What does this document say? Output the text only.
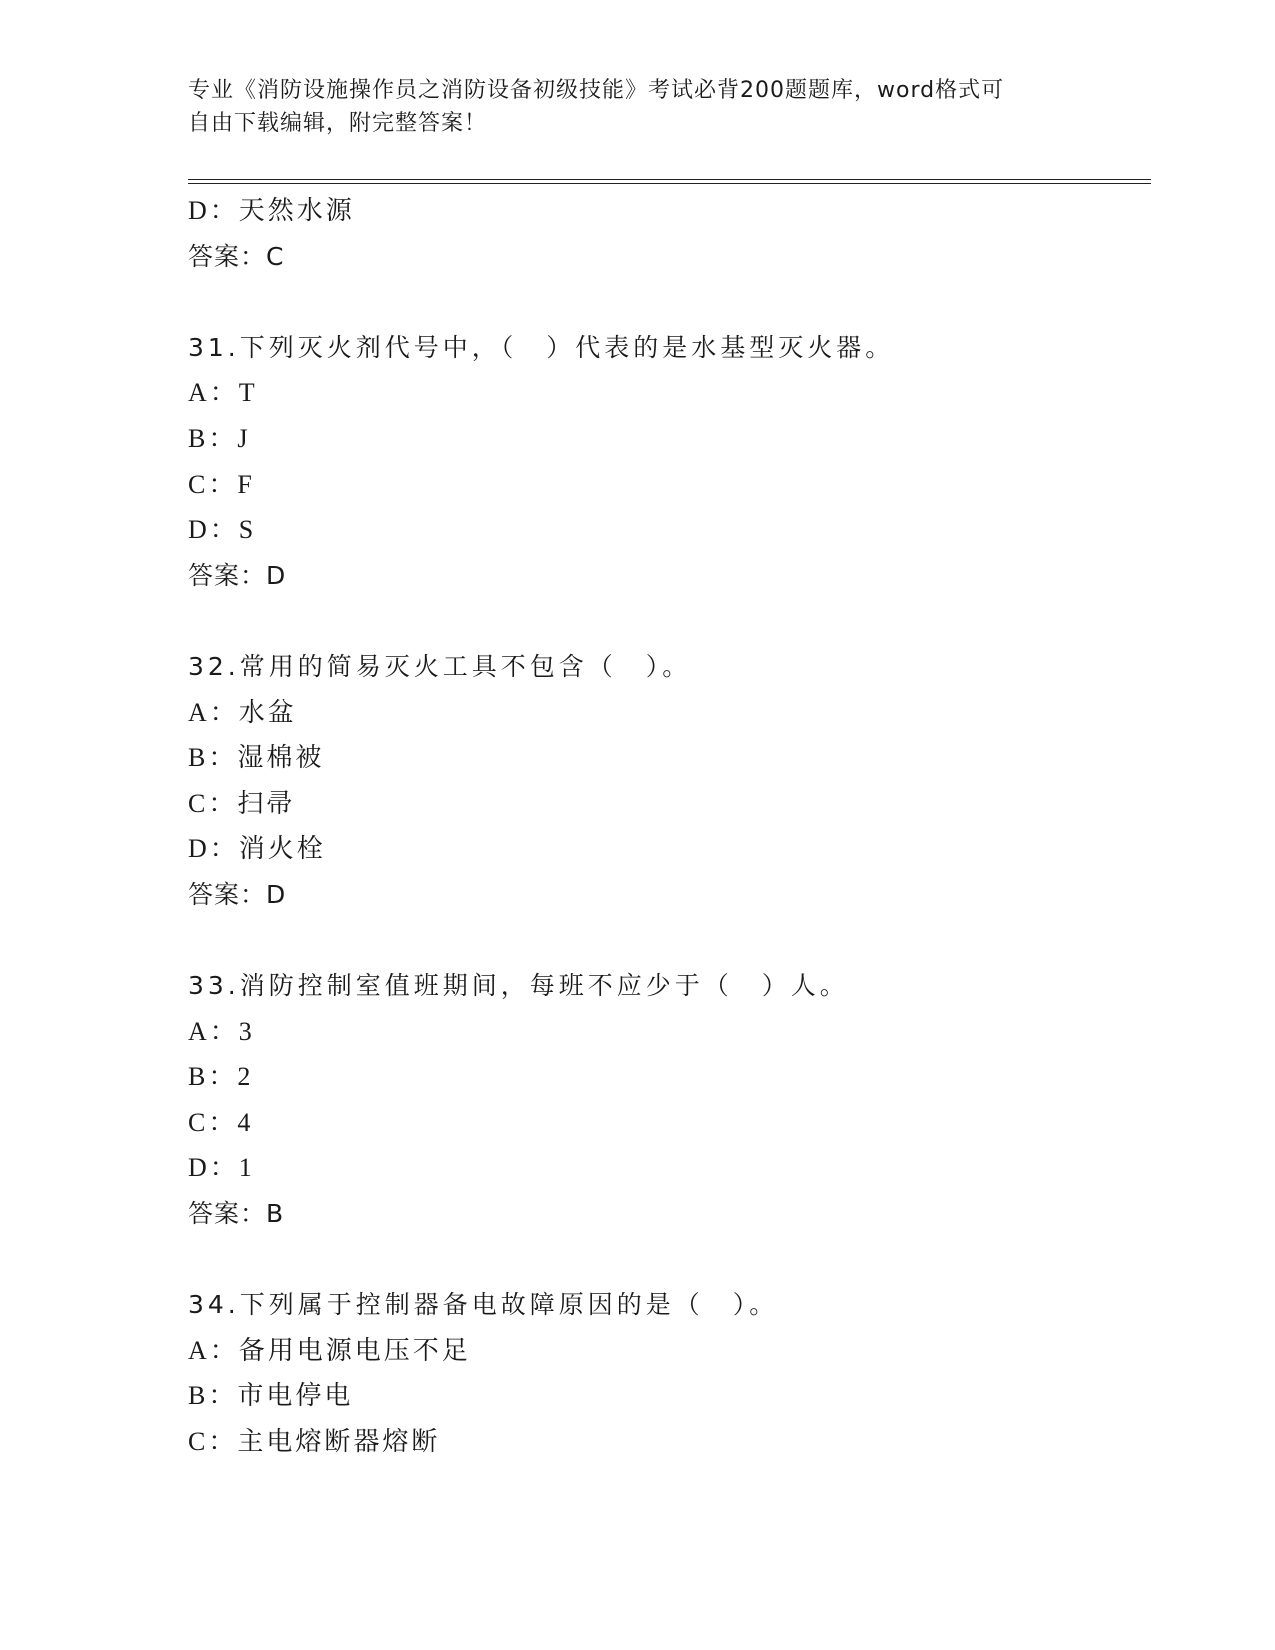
专业《消防设施操作员之消防设备初级技能》考试必背200题题库，word格式可
自由下载编辑，附完整答案！
D：天然水源
答案：C
31.下列灭火剂代号中，（　）代表的是水基型灭火器。
A：T
B：J
C：F
D：S
答案：D
32.常用的简易灭火工具不包含（　）。
A：水盆
B：湿棉被
C：扫帚
D：消火栓
答案：D
33.消防控制室值班期间，每班不应少于（　）人。
A：3
B：2
C：4
D：1
答案：B
34.下列属于控制器备电故障原因的是（　）。
A：备用电源电压不足
B：市电停电
C：主电熔断器熔断
